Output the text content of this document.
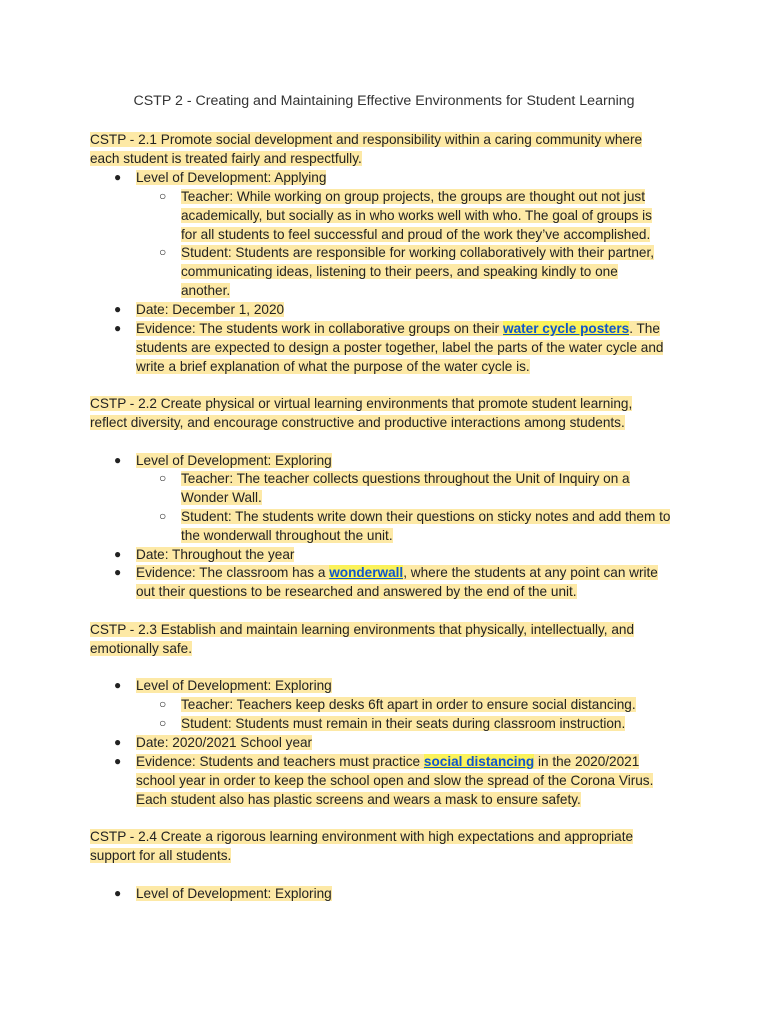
CSTP 2 - Creating and Maintaining Effective Environments for Student Learning
CSTP - 2.1 Promote social development and responsibility within a caring community where
each student is treated fairly and respectfully.
● Level of Development: Applying
○ Teacher: While working on group projects, the groups are thought out not just
academically, but socially as in who works well with who. The goal of groups is
for all students to feel successful and proud of the work they’ve accomplished.
○ Student: Students are responsible for working collaboratively with their partner,
communicating ideas, listening to their peers, and speaking kindly to one
another.
● Date: December 1, 2020
● Evidence: The students work in collaborative groups on their water cycle posters. The
students are expected to design a poster together, label the parts of the water cycle and
write a brief explanation of what the purpose of the water cycle is.
CSTP - 2.2 Create physical or virtual learning environments that promote student learning,
reflect diversity, and encourage constructive and productive interactions among students.
● Level of Development: Exploring
○ Teacher: The teacher collects questions throughout the Unit of Inquiry on a
Wonder Wall.
○ Student: The students write down their questions on sticky notes and add them to
the wonderwall throughout the unit.
● Date: Throughout the year
● Evidence: The classroom has a wonderwall, where the students at any point can write
out their questions to be researched and answered by the end of the unit.
CSTP - 2.3 Establish and maintain learning environments that physically, intellectually, and
emotionally safe.
● Level of Development: Exploring
○ Teacher: Teachers keep desks 6ft apart in order to ensure social distancing.
○ Student: Students must remain in their seats during classroom instruction.
● Date: 2020/2021 School year
● Evidence: Students and teachers must practice social distancing in the 2020/2021
school year in order to keep the school open and slow the spread of the Corona Virus.
Each student also has plastic screens and wears a mask to ensure safety.
CSTP - 2.4 Create a rigorous learning environment with high expectations and appropriate
support for all students.
● Level of Development: Exploring
